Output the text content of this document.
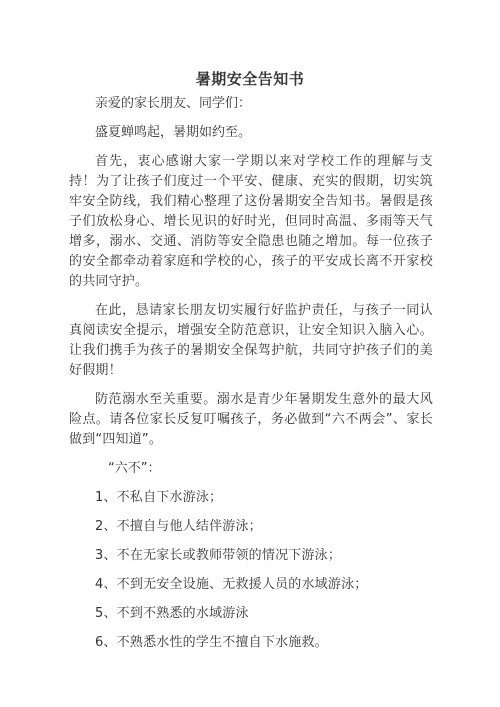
暑期安全告知书

亲爱的家长朋友、同学们：

盛夏蝉鸣起，暑期如约至。

首先，衷心感谢大家一学期以来对学校工作的理解与支持！为了让孩子们度过一个平安、健康、充实的假期，切实筑牢安全防线，我们精心整理了这份暑期安全告知书。暑假是孩子们放松身心、增长见识的好时光，但同时高温、多雨等天气增多，溺水、交通、消防等安全隐患也随之增加。每一位孩子的安全都牵动着家庭和学校的心，孩子的平安成长离不开家校的共同守护。

在此，恳请家长朋友切实履行好监护责任，与孩子一同认真阅读安全提示，增强安全防范意识，让安全知识入脑入心。让我们携手为孩子的暑期安全保驾护航，共同守护孩子们的美好假期！

防范溺水至关重要。溺水是青少年暑期发生意外的最大风险点。请各位家长反复叮嘱孩子，务必做到“六不两会”、家长做到“四知道”。

“六不”：

1、不私自下水游泳；
2、不擅自与他人结伴游泳；
3、不在无家长或教师带领的情况下游泳；
4、不到无安全设施、无救援人员的水域游泳；
5、不到不熟悉的水域游泳
6、不熟悉水性的学生不擅自下水施救。
